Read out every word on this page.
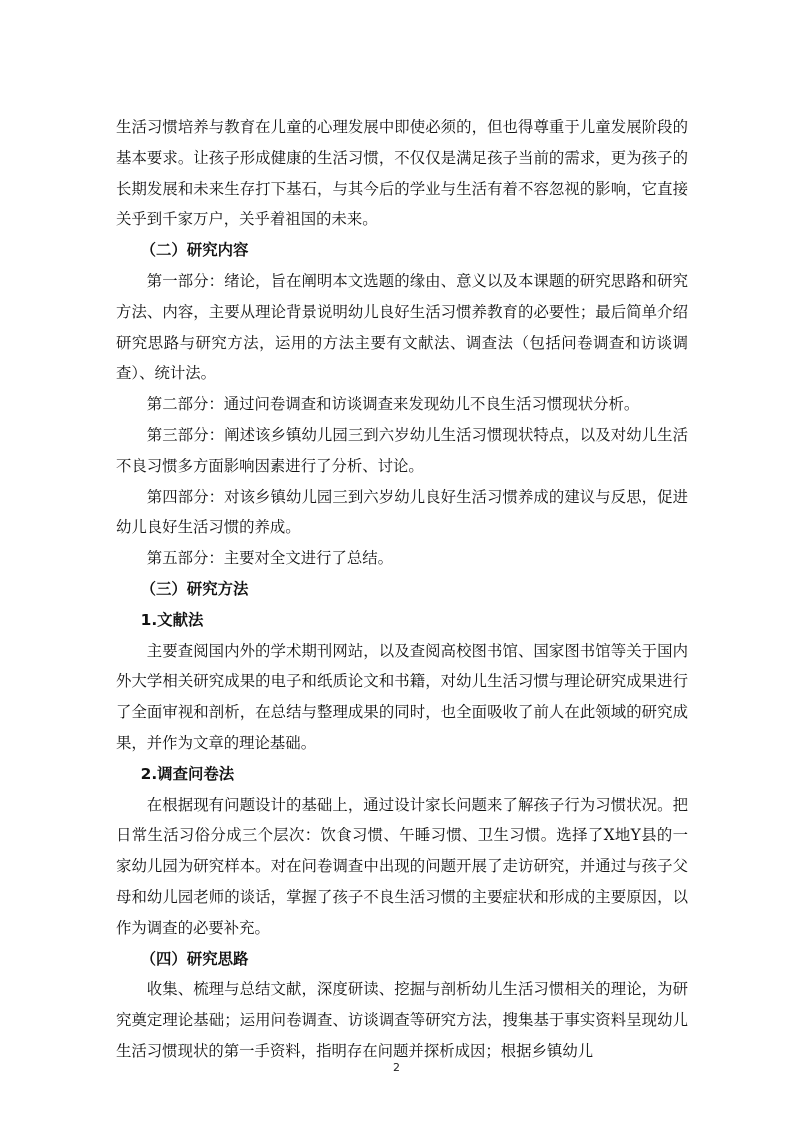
生活习惯培养与教育在儿童的心理发展中即使必须的，但也得尊重于儿童发展阶段的基本要求。让孩子形成健康的生活习惯，不仅仅是满足孩子当前的需求，更为孩子的长期发展和未来生存打下基石，与其今后的学业与生活有着不容忽视的影响，它直接关乎到千家万户，关乎着祖国的未来。

（二）研究内容

第一部分：绪论，旨在阐明本文选题的缘由、意义以及本课题的研究思路和研究方法、内容，主要从理论背景说明幼儿良好生活习惯养教育的必要性；最后简单介绍研究思路与研究方法，运用的方法主要有文献法、调查法（包括问卷调查和访谈调查）、统计法。

第二部分：通过问卷调查和访谈调查来发现幼儿不良生活习惯现状分析。

第三部分：阐述该乡镇幼儿园三到六岁幼儿生活习惯现状特点，以及对幼儿生活不良习惯多方面影响因素进行了分析、讨论。

第四部分：对该乡镇幼儿园三到六岁幼儿良好生活习惯养成的建议与反思，促进幼儿良好生活习惯的养成。

第五部分：主要对全文进行了总结。

（三）研究方法

1.文献法

主要查阅国内外的学术期刊网站，以及查阅高校图书馆、国家图书馆等关于国内外大学相关研究成果的电子和纸质论文和书籍，对幼儿生活习惯与理论研究成果进行了全面审视和剖析，在总结与整理成果的同时，也全面吸收了前人在此领域的研究成果，并作为文章的理论基础。

2.调查问卷法

在根据现有问题设计的基础上，通过设计家长问题来了解孩子行为习惯状况。把日常生活习俗分成三个层次：饮食习惯、午睡习惯、卫生习惯。选择了X地Y县的一家幼儿园为研究样本。对在问卷调查中出现的问题开展了走访研究，并通过与孩子父母和幼儿园老师的谈话，掌握了孩子不良生活习惯的主要症状和形成的主要原因，以作为调查的必要补充。

（四）研究思路

收集、梳理与总结文献，深度研读、挖掘与剖析幼儿生活习惯相关的理论，为研究奠定理论基础；运用问卷调查、访谈调查等研究方法，搜集基于事实资料呈现幼儿生活习惯现状的第一手资料，指明存在问题并探析成因；根据乡镇幼儿

2
